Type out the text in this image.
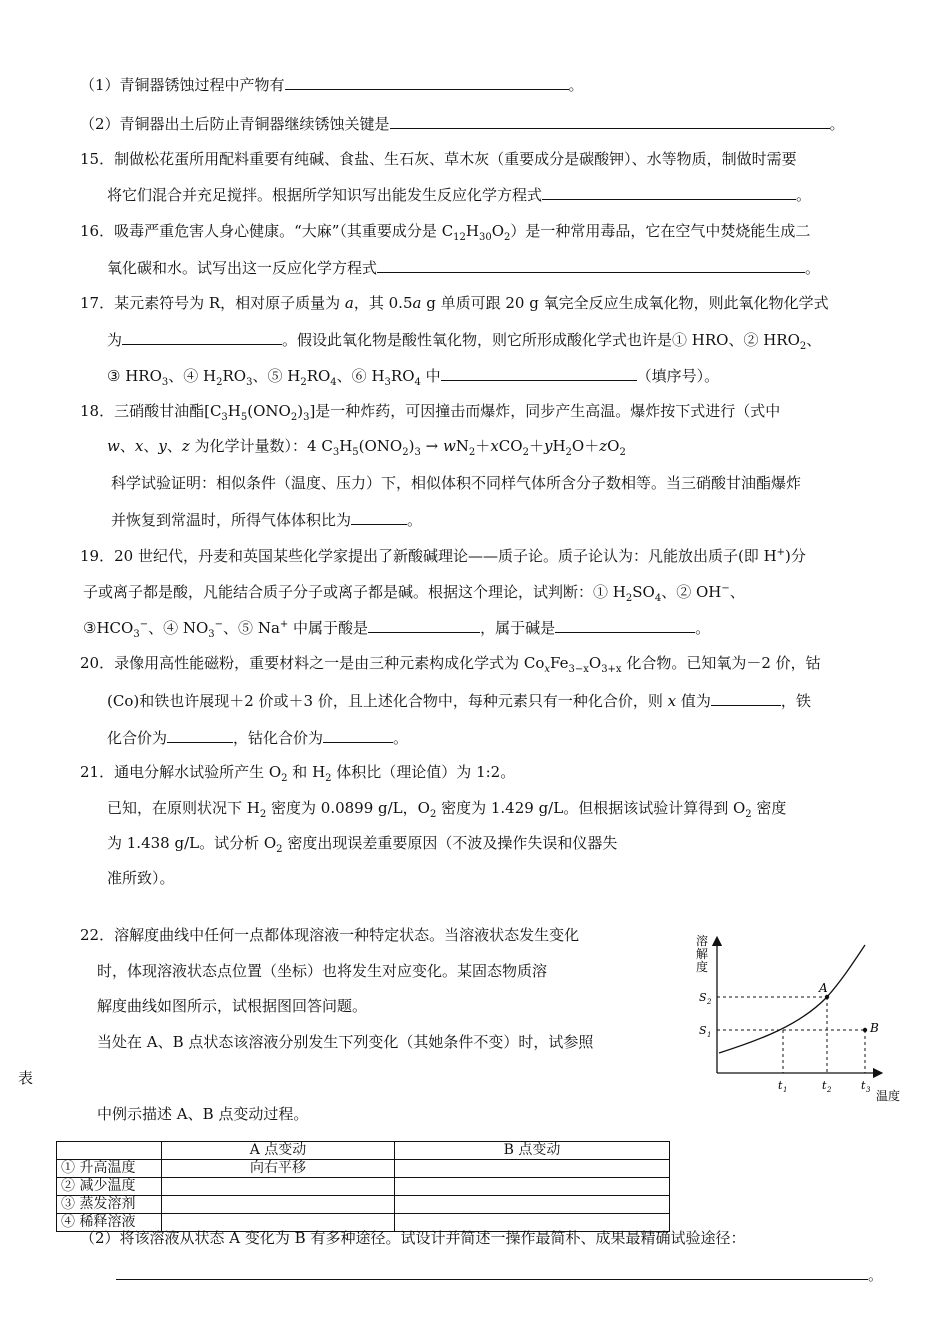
（1）青铜器锈蚀过程中产物有	。
（2）青铜器出土后防止青铜器继续锈蚀关键是	。
15．制做松花蛋所用配料重要有纯碱、食盐、生石灰、草木灰（重要成分是碳酸钾）、水等物质，制做时需要
将它们混合并充足搅拌。根据所学知识写出能发生反应化学方程式	。
16．吸毒严重危害人身心健康。“大麻”（其重要成分是 $C_{12}H_{30}O_2$）是一种常用毒品，它在空气中焚烧能生成二
氧化碳和水。试写出这一反应化学方程式	。
17．某元素符号为 R，相对原子质量为 a，其 0.5a g 单质可跟 20 g 氧完全反应生成氧化物，则此氧化物化学式
为	。假设此氧化物是酸性氧化物，则它所形成酸化学式也许是① HRO、② $HRO_2$、
③ $HRO_3$、④ $H_2RO_3$、⑤ $H_2RO_4$、⑥ $H_3RO_4$ 中	（填序号）。
18．三硝酸甘油酯$[C_3H_5(ONO_2)_3]$是一种炸药，可因撞击而爆炸，同步产生高温。爆炸按下式进行（式中
w、x、y、z 为化学计量数）：4 $C_3H_5(ONO_2)_3 \to wN_2+xCO_2+yH_2O+zO_2$
科学试验证明：相似条件（温度、压力）下，相似体积不同样气体所含分子数相等。当三硝酸甘油酯爆炸
并恢复到常温时，所得气体体积比为	。
19．20 世纪代，丹麦和英国某些化学家提出了新酸碱理论——质子论。质子论认为：凡能放出质子(即 H+)分
子或离子都是酸，凡能结合质子分子或离子都是碱。根据这个理论，试判断：① $H_2SO_4$、② OH−、
$③HCO_3^-$、④ $NO_3^-$、⑤ Na+ 中属于酸是	，属于碱是	。
20．录像用高性能磁粉，重要材料之一是由三种元素构成化学式为 $Co_xFe_{3-x}O_{3+x}$ 化合物。已知氧为－2 价，钴
(Co)和铁也许展现＋2 价或＋3 价，且上述化合物中，每种元素只有一种化合价，则 x 值为	，铁
化合价为	，钴化合价为	。
21．通电分解水试验所产生 $O_2$ 和 $H_2$ 体积比（理论值）为 1:2。
已知，在原则状况下 $H_2$ 密度为 0.0899 g/L，$O_2$ 密度为 1.429 g/L。但根据该试验计算得到 $O_2$ 密度
为 1.438 g/L。试分析 $O_2$ 密度出现误差重要原因（不波及操作失误和仪器失
准所致）。
22．溶解度曲线中任何一点都体现溶液一种特定状态。当溶液状态发生变化
时，体现溶液状态点位置（坐标）也将发生对应变化。某固态物质溶
解度曲线如图所示，试根据图回答问题。
当处在 A、B 点状态该溶液分别发生下列变化（其她条件不变）时，试参照
表
中例示描述 A、B 点变动过程。
溶
解
度
温度
A
B
S 2
S 1
t 1	t 2	t 3
	A 点变动	B 点变动
① 升高温度	向右平移	
② 减少温度		
③ 蒸发溶剂		
④ 稀释溶液		
（2）将该溶液从状态 A 变化为 B 有多种途径。试设计并简述一操作最简朴、成果最精确试验途径：
。
